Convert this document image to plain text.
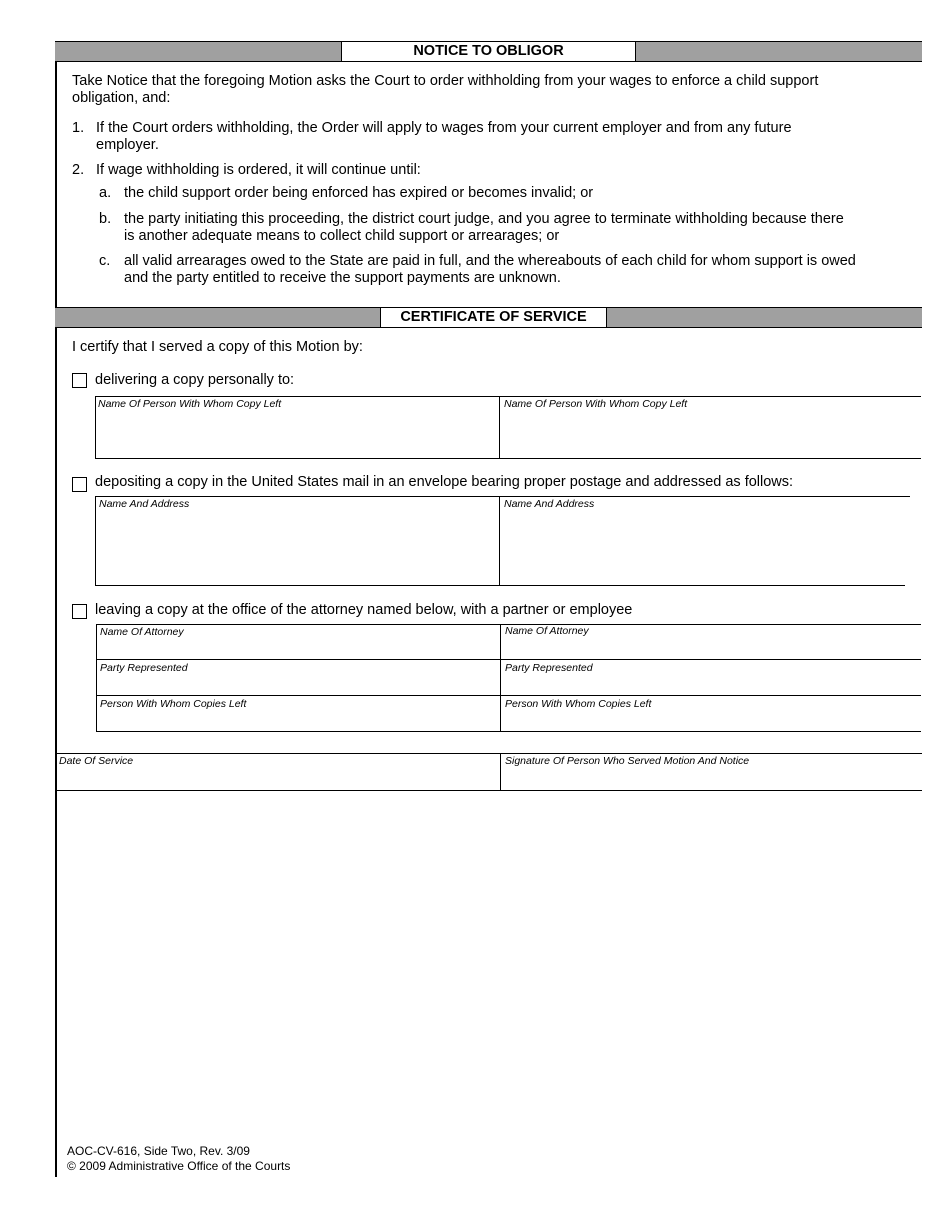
NOTICE TO OBLIGOR
Take Notice that the foregoing Motion asks the Court to order withholding from your wages to enforce a child support
obligation, and:
1. If the Court orders withholding, the Order will apply to wages from your current employer and from any future
employer.
2. If wage withholding is ordered, it will continue until:
a. the child support order being enforced has expired or becomes invalid; or
b. the party initiating this proceeding, the district court judge, and you agree to terminate withholding because there
is another adequate means to collect child support or arrearages; or
c. all valid arrearages owed to the State are paid in full, and the whereabouts of each child for whom support is owed
and the party entitled to receive the support payments are unknown.
CERTIFICATE OF SERVICE
I certify that I served a copy of this Motion by:
delivering a copy personally to:
Name Of Person With Whom Copy Left	Name Of Person With Whom Copy Left
depositing a copy in the United States mail in an envelope bearing proper postage and addressed as follows:
Name And Address	Name And Address
leaving a copy at the office of the attorney named below, with a partner or employee
Name Of Attorney	Name Of Attorney
Party Represented	Party Represented
Person With Whom Copies Left	Person With Whom Copies Left
Date Of Service	Signature Of Person Who Served Motion And Notice
AOC-CV-616, Side Two, Rev. 3/09
© 2009 Administrative Office of the Courts
